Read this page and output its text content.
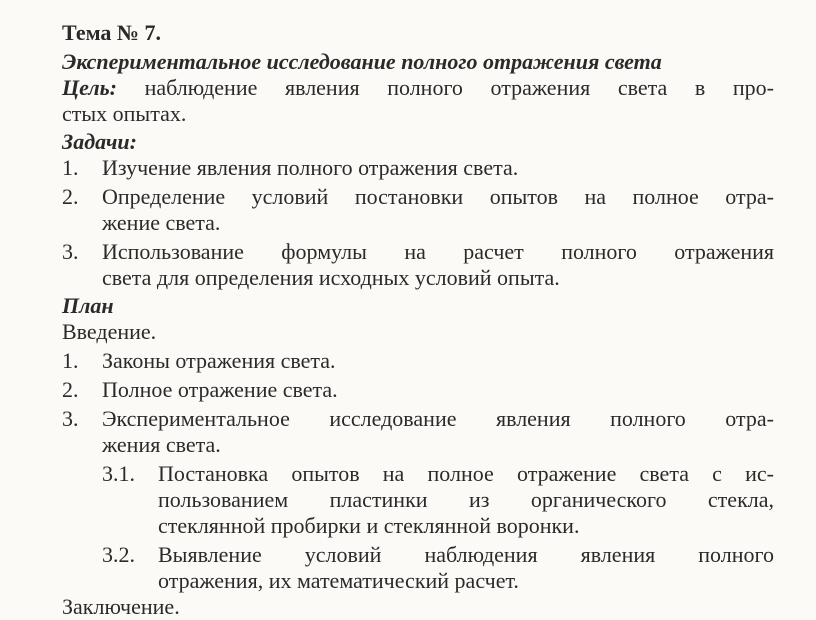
Тема № 7.
Экспериментальное исследование полного отражения света
Цель: наблюдение явления полного отражения света в про-
стых опытах.
Задачи:
1. Изучение явления полного отражения света.
2. Определение условий постановки опытов на полное отра-
жение света.
3. Использование формулы на расчет полного отражения
света для определения исходных условий опыта.
План
Введение.
1. Законы отражения света.
2. Полное отражение света.
3. Экспериментальное исследование явления полного отра-
жения света.
3.1. Постановка опытов на полное отражение света с ис-
пользованием пластинки из органического стекла,
стеклянной пробирки и стеклянной воронки.
3.2. Выявление условий наблюдения явления полного
отражения, их математический расчет.
Заключение.
